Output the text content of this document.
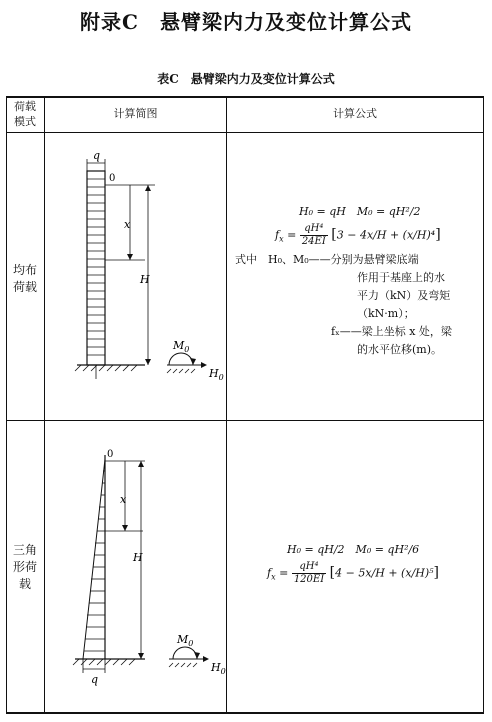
附录C　悬臂梁内力及变位计算公式
表C　悬臂梁内力及变位计算公式
荷载
模式
计算简图	计算公式
均布
荷载
q
0
x
H
$M_0$
$H_0$
H₀ = qH　M₀ = qH²/2
$f_x = \frac{\text{qH⁴}}{24EI} [3 - 4x/H + (x/H)^4]$
式中　H₀、M₀——分别为悬臂梁底端
作用于基座上的水
平力（kN）及弯矩
（kN·m）；
fₓ——梁上坐标 x 处，梁
的水平位移(m)。
三角
形荷
载
0
x
H
q
$M_0$
$H_0$
H₀ = qH/2　M₀ = qH²/6
$f_x = \frac{\text{qH⁴}}{120EI} [4 - 5x/H + (x/H)^5]$
